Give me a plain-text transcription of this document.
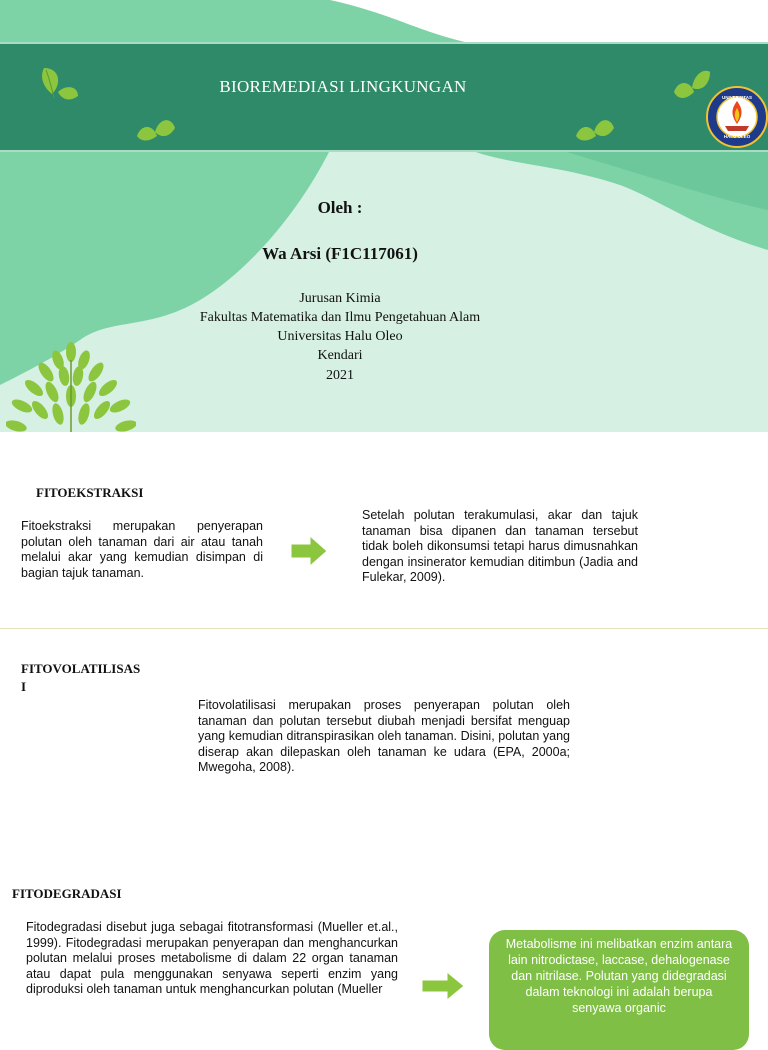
BIOREMEDIASI LINGKUNGAN
UNIVERSITAS
HALU OLEO
Oleh :
Wa Arsi (F1C117061)
Jurusan Kimia
Fakultas Matematika dan Ilmu Pengetahuan Alam
Universitas Halu Oleo
Kendari
2021
FITOEKSTRAKSI
Fitoekstraksi merupakan penyerapan polutan oleh tanaman dari air atau tanah melalui akar yang kemudian disimpan di bagian tajuk tanaman.
Setelah polutan terakumulasi, akar dan tajuk tanaman bisa dipanen dan tanaman tersebut tidak boleh dikonsumsi tetapi harus dimusnahkan dengan insinerator kemudian ditimbun (Jadia and Fulekar, 2009).
FITOVOLATILISAS
I
Fitovolatilisasi merupakan proses penyerapan polutan oleh tanaman dan polutan tersebut diubah menjadi bersifat menguap yang kemudian ditranspirasikan oleh tanaman. Disini, polutan yang diserap akan dilepaskan oleh tanaman ke udara (EPA, 2000a; Mwegoha, 2008).
FITODEGRADASI
Fitodegradasi disebut juga sebagai fitotransformasi (Mueller et.al., 1999). Fitodegradasi merupakan penyerapan dan menghancurkan polutan melalui proses metabolisme di dalam 22 organ tanaman atau dapat pula menggunakan senyawa seperti enzim yang diproduksi oleh tanaman untuk menghancurkan polutan (Mueller
Metabolisme ini melibatkan enzim antara lain nitrodictase, laccase, dehalogenase dan nitrilase. Polutan yang didegradasi dalam teknologi ini adalah berupa senyawa organic
